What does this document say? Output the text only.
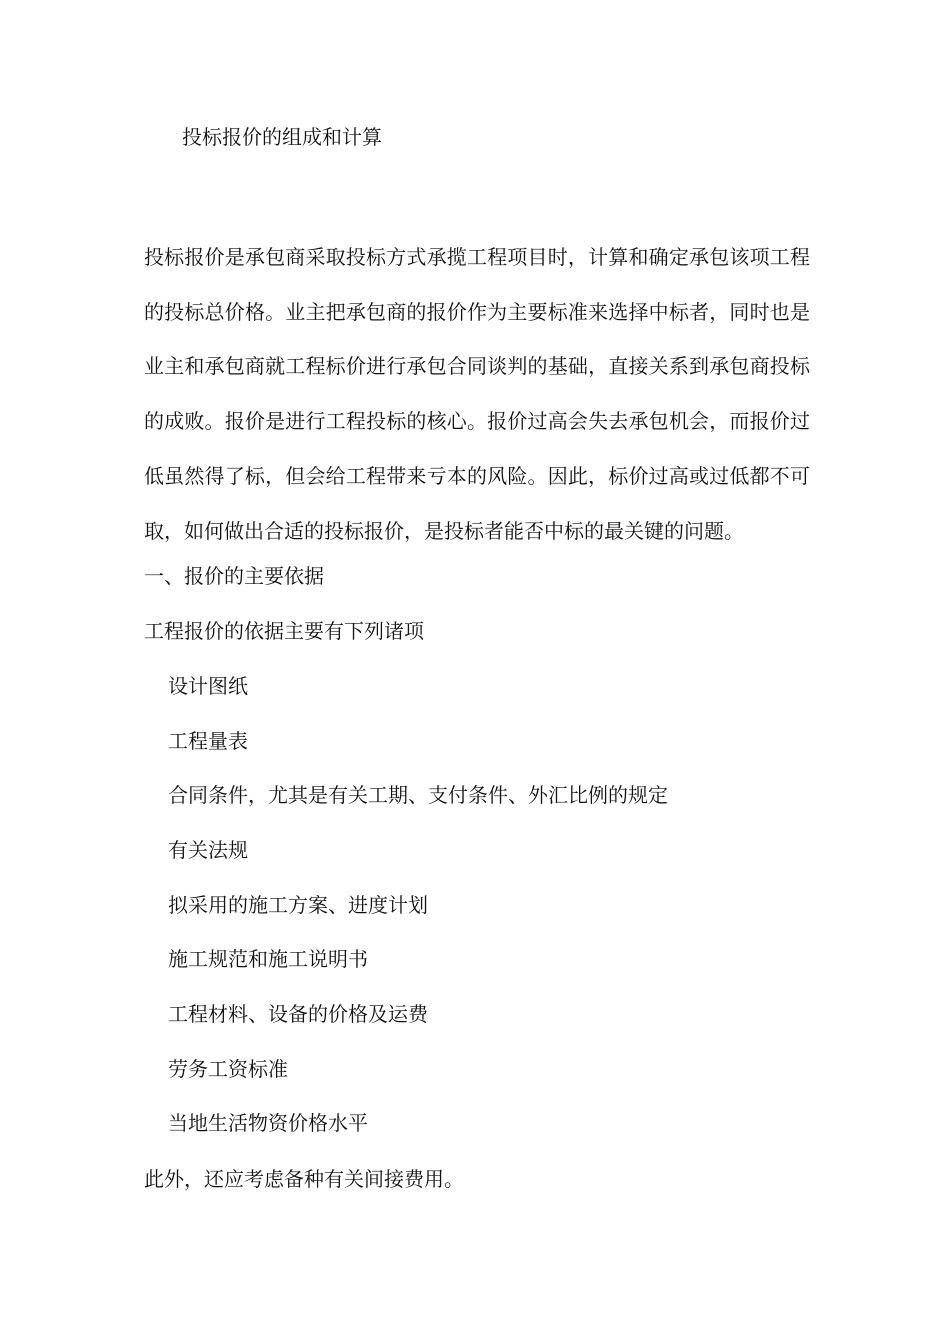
投标报价的组成和计算

投标报价是承包商采取投标方式承揽工程项目时，计算和确定承包该项工程的投标总价格。业主把承包商的报价作为主要标准来选择中标者，同时也是业主和承包商就工程标价进行承包合同谈判的基础，直接关系到承包商投标的成败。报价是进行工程投标的核心。报价过高会失去承包机会，而报价过低虽然得了标，但会给工程带来亏本的风险。因此，标价过高或过低都不可取，如何做出合适的投标报价，是投标者能否中标的最关键的问题。

一、报价的主要依据

工程报价的依据主要有下列诸项

设计图纸

工程量表

合同条件，尤其是有关工期、支付条件、外汇比例的规定

有关法规

拟采用的施工方案、进度计划

施工规范和施工说明书

工程材料、设备的价格及运费

劳务工资标准

当地生活物资价格水平

此外，还应考虑备种有关间接费用。
